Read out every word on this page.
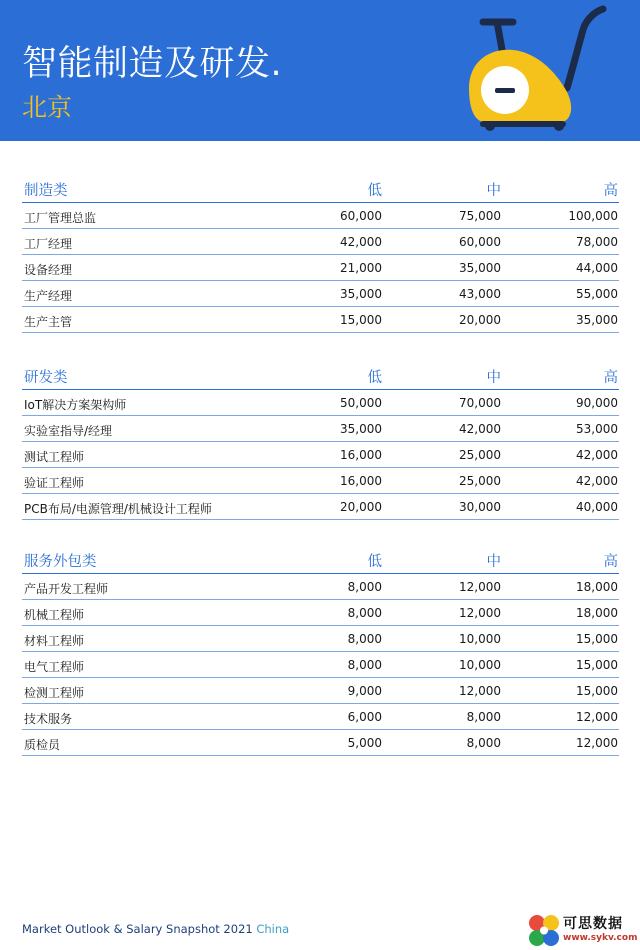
智能制造及研发.
北京
制造类	低	中	高
工厂管理总监	60,000	75,000	100,000
工厂经理	42,000	60,000	78,000
设备经理	21,000	35,000	44,000
生产经理	35,000	43,000	55,000
生产主管	15,000	20,000	35,000
研发类	低	中	高
IoT解决方案架构师	50,000	70,000	90,000
实验室指导/经理	35,000	42,000	53,000
测试工程师	16,000	25,000	42,000
验证工程师	16,000	25,000	42,000
PCB布局/电源管理/机械设计工程师	20,000	30,000	40,000
服务外包类	低	中	高
产品开发工程师	8,000	12,000	18,000
机械工程师	8,000	12,000	18,000
材料工程师	8,000	10,000	15,000
电气工程师	8,000	10,000	15,000
检测工程师	9,000	12,000	15,000
技术服务	6,000	8,000	12,000
质检员	5,000	8,000	12,000
Market Outlook & Salary Snapshot 2021 China	可思数据
www.sykv.com
